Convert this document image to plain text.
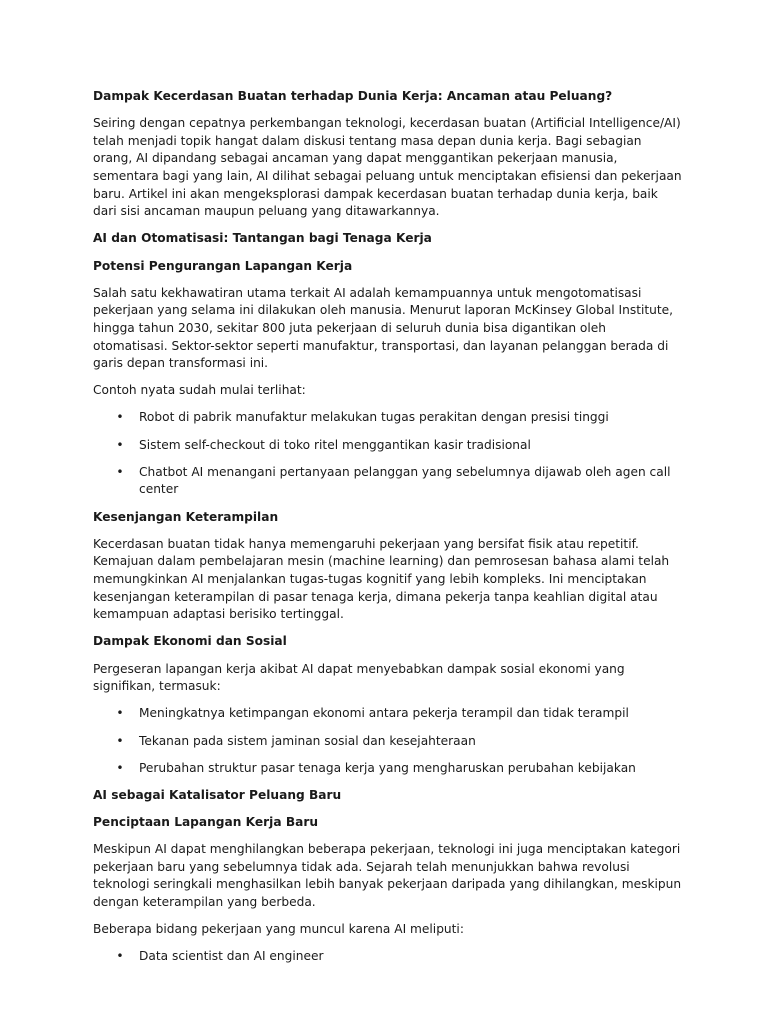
Dampak Kecerdasan Buatan terhadap Dunia Kerja: Ancaman atau Peluang?
Seiring dengan cepatnya perkembangan teknologi, kecerdasan buatan (Artificial Intelligence/AI) telah menjadi topik hangat dalam diskusi tentang masa depan dunia kerja. Bagi sebagian orang, AI dipandang sebagai ancaman yang dapat menggantikan pekerjaan manusia, sementara bagi yang lain, AI dilihat sebagai peluang untuk menciptakan efisiensi dan pekerjaan baru. Artikel ini akan mengeksplorasi dampak kecerdasan buatan terhadap dunia kerja, baik dari sisi ancaman maupun peluang yang ditawarkannya.
AI dan Otomatisasi: Tantangan bagi Tenaga Kerja
Potensi Pengurangan Lapangan Kerja
Salah satu kekhawatiran utama terkait AI adalah kemampuannya untuk mengotomatisasi pekerjaan yang selama ini dilakukan oleh manusia. Menurut laporan McKinsey Global Institute, hingga tahun 2030, sekitar 800 juta pekerjaan di seluruh dunia bisa digantikan oleh otomatisasi. Sektor-sektor seperti manufaktur, transportasi, dan layanan pelanggan berada di garis depan transformasi ini.
Contoh nyata sudah mulai terlihat:
• Robot di pabrik manufaktur melakukan tugas perakitan dengan presisi tinggi
• Sistem self-checkout di toko ritel menggantikan kasir tradisional
• Chatbot AI menangani pertanyaan pelanggan yang sebelumnya dijawab oleh agen call center
Kesenjangan Keterampilan
Kecerdasan buatan tidak hanya memengaruhi pekerjaan yang bersifat fisik atau repetitif. Kemajuan dalam pembelajaran mesin (machine learning) dan pemrosesan bahasa alami telah memungkinkan AI menjalankan tugas-tugas kognitif yang lebih kompleks. Ini menciptakan kesenjangan keterampilan di pasar tenaga kerja, dimana pekerja tanpa keahlian digital atau kemampuan adaptasi berisiko tertinggal.
Dampak Ekonomi dan Sosial
Pergeseran lapangan kerja akibat AI dapat menyebabkan dampak sosial ekonomi yang signifikan, termasuk:
• Meningkatnya ketimpangan ekonomi antara pekerja terampil dan tidak terampil
• Tekanan pada sistem jaminan sosial dan kesejahteraan
• Perubahan struktur pasar tenaga kerja yang mengharuskan perubahan kebijakan
AI sebagai Katalisator Peluang Baru
Penciptaan Lapangan Kerja Baru
Meskipun AI dapat menghilangkan beberapa pekerjaan, teknologi ini juga menciptakan kategori pekerjaan baru yang sebelumnya tidak ada. Sejarah telah menunjukkan bahwa revolusi teknologi seringkali menghasilkan lebih banyak pekerjaan daripada yang dihilangkan, meskipun dengan keterampilan yang berbeda.
Beberapa bidang pekerjaan yang muncul karena AI meliputi:
• Data scientist dan AI engineer
